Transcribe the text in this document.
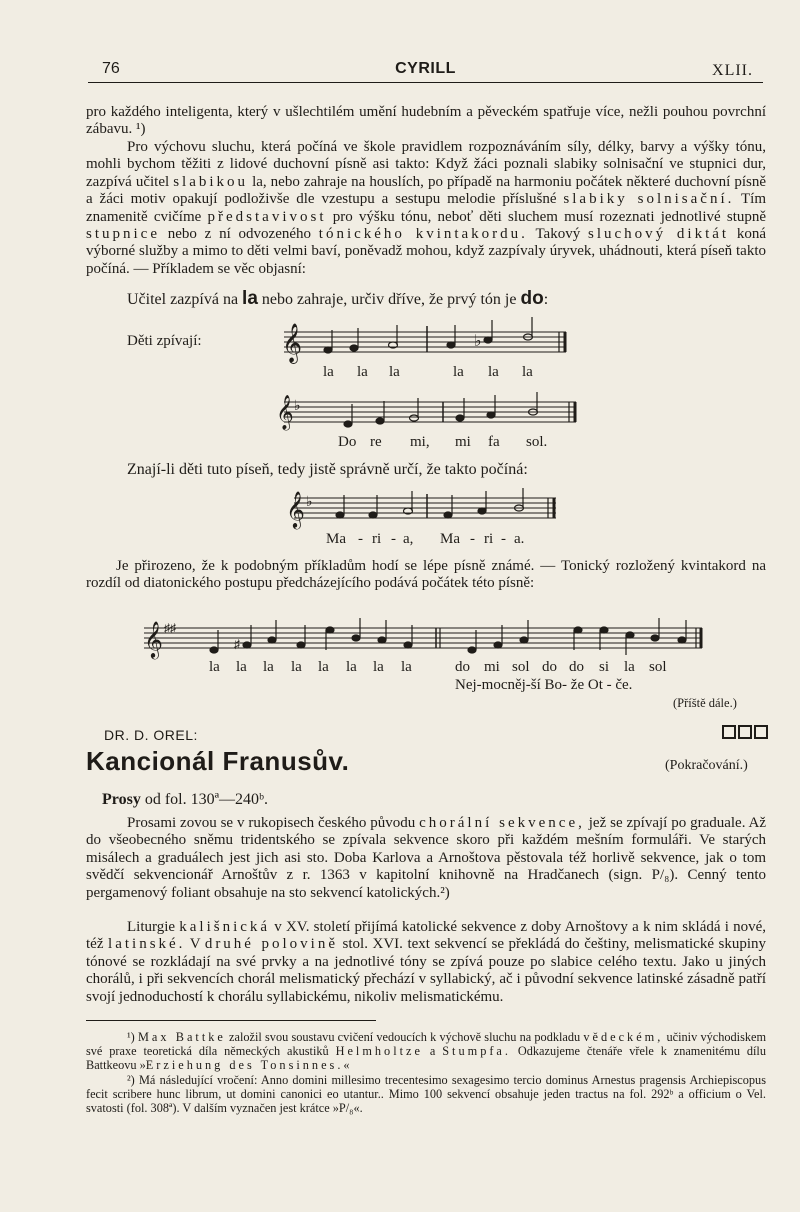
76	CYRILL	XLII.
pro každého inteligenta, který v ušlechtilém umění hudebním a pěveckém spatřuje více, nežli pouhou povrchní zábavu. ¹)
Pro výchovu sluchu, která počíná ve škole pravidlem rozpoznáváním síly, délky, barvy a výšky tónu, mohli bychom těžiti z lidové duchovní písně asi takto: Když žáci poznali slabiky solnisační ve stupnici dur, zazpívá učitel slabikou la, nebo zahraje na houslích, po případě na harmoniu počátek některé duchovní písně a žáci motiv opakují podloživše dle vzestupu a sestupu melodie příslušné slabiky solnisační. Tím znamenitě cvičíme představivost pro výšku tónu, neboť děti sluchem musí rozeznati jednotlivé stupně stupnice nebo z ní odvozeného tónického kvintakordu. Takový sluchový diktát koná výborné služby a mimo to děti velmi baví, poněvadž mohou, když zazpívaly úryvek, uhádnouti, která píseň takto počíná. — Příkladem se věc objasní:
Učitel zazpívá na la nebo zahraje, určiv dříve, že prvý tón je do:
Děti zpívají: 𝄞	♭
la la la	la la la
𝄞 ♭
Do re mi, mi fa sol.
Znají-li děti tuto píseň, tedy jistě správně určí, že takto počíná:
𝄞 ♭
Ma - ri - a, Ma - ri - a.
Je přirozeno, že k podobným příkladům hodí se lépe písně známé. — Tonický rozložený kvintakord na rozdíl od diatonického postupu předcházejícího podává počátek této písně:
𝄞 ♯♯
♯
la la la la la la la la	do mi sol do do si la sol
Nej-mocněj-ší Bo- že Ot - če.
(Příště dále.)
DR. D. OREL:
Kancionál Franusův.	(Pokračování.)
Prosy od fol. 130ª—240ᵇ.
Prosami zovou se v rukopisech českého původu chorální sekvence, jež se zpívají po graduale. Až do všeobecného sněmu tridentského se zpívala sekvence skoro při každém mešním formuláři. Ve starých misálech a graduálech jest jich asi sto. Doba Karlova a Arnoštova pěstovala též horlivě sekvence, jak o tom svědčí sekvencionář Arnoštův z r. 1363 v kapitolní knihovně na Hradčanech (sign. P/₈). Cenný tento pergamenový foliant obsahuje na sto sekvencí katolických.²)
Liturgie kališnická v XV. století přijímá katolické sekvence z doby Arnoštovy a k nim skládá i nové, též latinské. V druhé polovině stol. XVI. text sekvencí se překládá do češtiny, melismatické skupiny tónové se rozkládají na své prvky a na jednotlivé tóny se zpívá pouze po slabice celého textu. Jako u jiných chorálů, i při sekvencích chorál melismatický přechází v syllabický, ač i původní sekvence latinské zásadně patří svojí jednoduchostí k chorálu syllabickému, nikoliv melismatickému.
¹) Max Battke založil svou soustavu cvičení vedoucích k výchově sluchu na podkladu vědeckém, učiniv východiskem své praxe teoretická díla německých akustiků Helmholtze a Stumpfa. Odkazujeme čtenáře vřele k znamenitému dílu Battkeovu »Erziehung des Tonsinnes.«
²) Má následující vročení: Anno domini millesimo trecentesimo sexagesimo tercio dominus Arnestus pragensis Archiepiscopus fecit scribere hunc librum, ut domini canonici eo utantur.. Mimo 100 sekvencí obsahuje jeden tractus na fol. 292ᵇ a officium o Vel. svatosti (fol. 308ª). V dalším vyznačen jest krátce »P/₈«.
